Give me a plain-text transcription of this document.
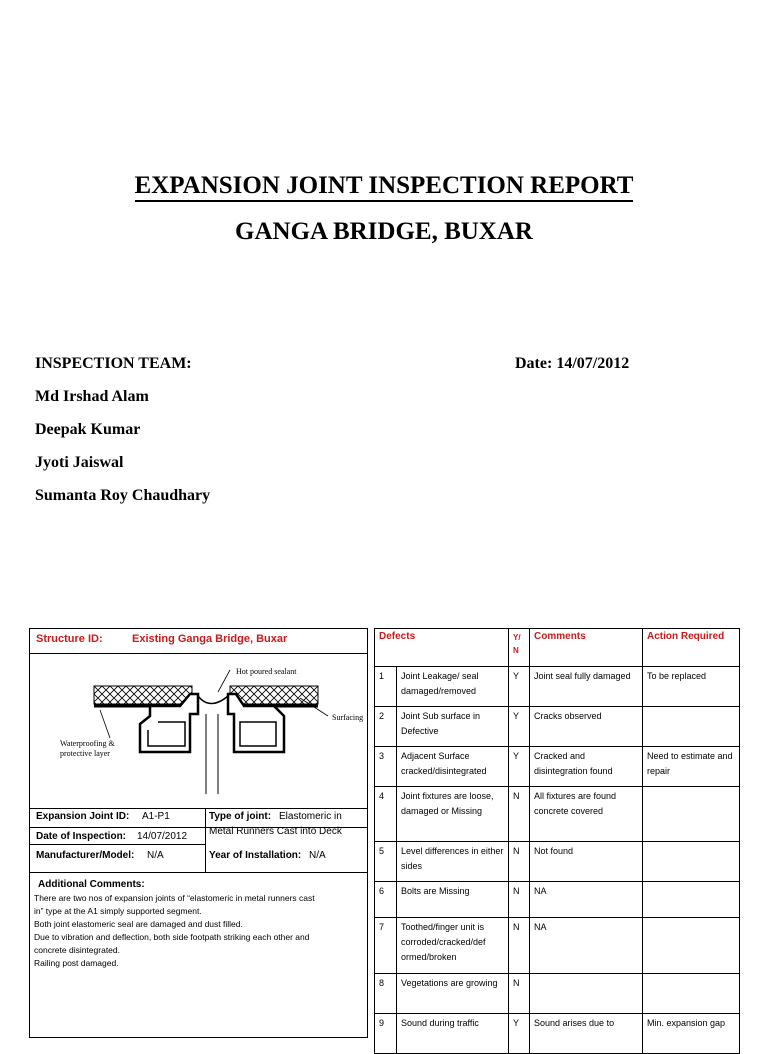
EXPANSION JOINT INSPECTION REPORT
GANGA BRIDGE, BUXAR
INSPECTION TEAM:	Date: 14/07/2012
Md Irshad Alam
Deepak Kumar
Jyoti Jaiswal
Sumanta Roy Chaudhary
Structure ID:	Existing Ganga Bridge, Buxar
Hot poured sealant
Surfacing
Waterproofing &
protective layer
Expansion Joint ID: A1-P1
Date of Inspection: 14/07/2012
Manufacturer/Model: N/A
Type of joint: Elastomeric in
Metal Runners Cast into Deck
Year of Installation: N/A
Additional Comments:
There are two nos of expansion joints of “elastomeric in metal runners cast
in” type at the A1 simply supported segment.
Both joint elastomeric seal are damaged and dust filled.
Due to vibration and deflection, both side footpath striking each other and
concrete disintegrated.
Railing post damaged.
Defects		Y/
N	Comments	Action Required
1	Joint Leakage/ seal damaged/removed	Y	Joint seal fully damaged	To be replaced
2	Joint Sub surface in Defective	Y	Cracks observed	
3	Adjacent Surface cracked/disintegrated	Y	Cracked and disintegration found	Need to estimate and repair
4	Joint fixtures are loose, damaged or Missing	N	All fixtures are found concrete covered	
5	Level differences in either sides	N	Not found	
6	Bolts are Missing	N	NA	
7	Toothed/finger unit is corroded/cracked/def ormed/broken	N	NA	
8	Vegetations are growing	N		
9	Sound during traffic	Y	Sound arises due to	Min. expansion gap
